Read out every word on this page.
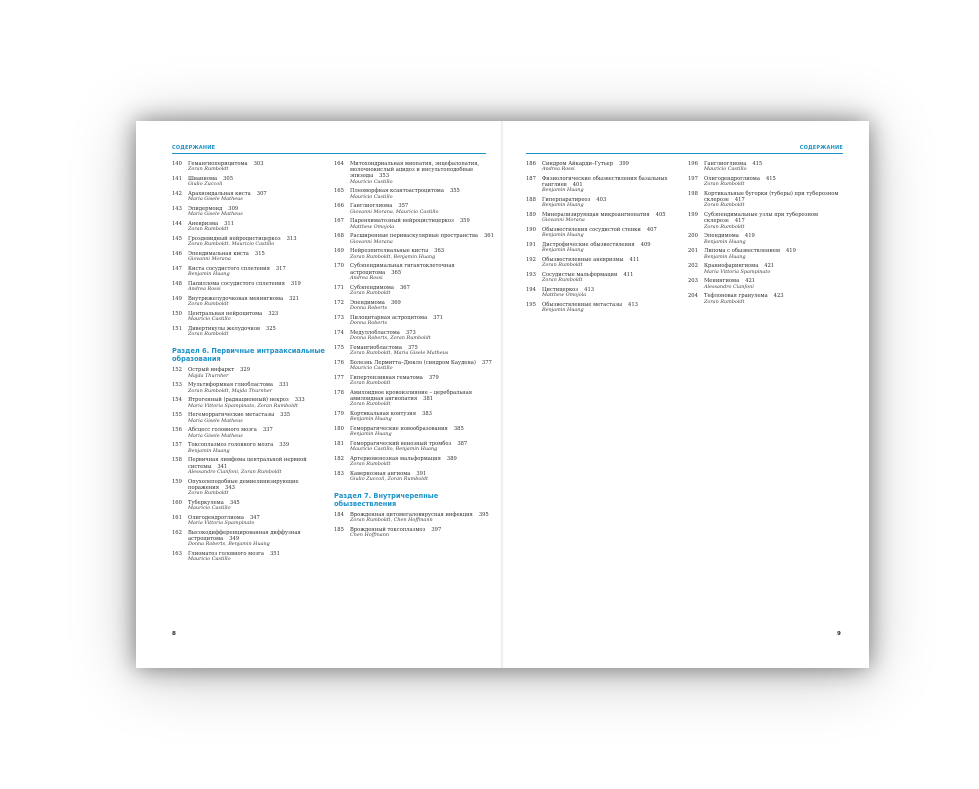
СОДЕРЖАНИЕ	СОДЕРЖАНИЕ
140 Гемангиоперицитома 303
Zoran Rumboldt
141 Шваннома 305
Giulio Zuccoli
142 Арахноидальная киста 307
Maria Gisele Matheus
143 Эпидермоид 309
Maria Gisele Matheus
144 Аневризма 311
Zoran Rumboldt
145 Гроздевидный нейроцистицеркоз 313
Zoran Rumboldt, Mauricio Castillo
146 Эпендимальная киста 315
Giovanni Morana
147 Киста сосудистого сплетения 317
Benjamin Huang
148 Папиллома сосудистого сплетения 319
Andrea Rossi
149 Внутрижелудочковая менингиома 321
Zoran Rumboldt
150 Центральная нейроцитома 323
Mauricio Castillo
151 Дивертикулы желудочков 325
Zoran Rumboldt
Раздел 6. Первичные интрааксиальные образования
152 Острый инфаркт 329
Majda Thurnher
153 Мультиформная глиобластома 331
Zoran Rumboldt, Majda Thurnher
154 Ятрогенный (радиационный) некроз 333
Maria Vittoria Spampinato, Zoran Rumboldt
155 Негеморрагические метастазы 335
Maria Gisele Matheus
156 Абсцесс головного мозга 337
Maria Gisele Matheus
157 Токсоплазмоз головного мозга 339
Benjamin Huang
158 Первичная лимфома центральной нервной системы 341
Alessandro Cianfoni, Zoran Rumboldt
159 Опухолеподобные демиелинизирующие поражения 343
Zoran Rumboldt
160 Туберкулема 345
Mauricio Castillo
161 Олигодендроглиома 347
Maria Vittoria Spampinato
162 Высокодифференцированная диффузная астроцитома 349
Donna Roberts, Benjamin Huang
163 Глиоматоз головного мозга 351
Mauricio Castillo
164 Митохондриальная миопатия, энцефалопатия, молочнокислый ацидоз и инсультоподобные эпизоды 353
Mauricio Castillo
165 Плеоморфная ксантоастроцитома 355
Mauricio Castillo
166 Ганглиоглиома 357
Giovanni Morana, Mauricio Castillo
167 Паренхиматозный нейроцистицеркоз 359
Matthew Omojola
168 Расширенные периваскулярные пространства 361
Giovanni Morana
169 Нейроэпителиальные кисты 363
Zoran Rumboldt, Benjamin Huang
170 Субэпендимальная гигантоклеточная астроцитома 365
Andrea Rossi
171 Субэпендимома 367
Zoran Rumboldt
172 Эпендимома 369
Donna Roberts
173 Пилоцитарная астроцитома 371
Donna Roberts
174 Медуллобластома 373
Donna Roberts, Zoran Rumboldt
175 Гемангиобластома 375
Zoran Rumboldt, Maria Gisele Matheus
176 Болезнь Лермитта–Дюкло (синдром Каудена) 377
Mauricio Castillo
177 Гипертензивная гематома 379
Zoran Rumboldt
178 Амилоидное кровоизлияние – церебральная амилоидная ангиопатия 381
Zoran Rumboldt
179 Кортикальная контузия 383
Benjamin Huang
180 Геморрагические новообразования 385
Benjamin Huang
181 Геморрагический венозный тромбоз 387
Mauricio Castillo, Benjamin Huang
182 Артериовенозная мальформация 389
Zoran Rumboldt
183 Каверноэная ангиома 391
Giulio Zuccoli, Zoran Rumboldt
Раздел 7. Внутричерепные обызвествления
184 Врожденная цитомегаловирусная инфекция 395
Zoran Rumboldt, Chen Hoffmann
185 Врожденный токсоплазмоз 397
Chen Hoffmann
186 Синдром Айкарди–Гутьер 399
Andrea Rossi
187 Физиологические обызвествления базальных ганглиев 401
Benjamin Huang
188 Гиперпаратиреоз 403
Benjamin Huang
189 Минерализирующая микроангиопатия 405
Giovanni Morana
190 Обызвествления сосудистой стенки 407
Benjamin Huang
191 Дистрофические обызвествления 409
Benjamin Huang
192 Обызвествленные аневризмы 411
Zoran Rumboldt
193 Сосудистые мальформации 411
Zoran Rumboldt
194 Цистицеркоз 413
Matthew Omojola
195 Обызвествленные метастазы 413
Benjamin Huang
196 Ганглиоглиома 415
Mauricio Castillo
197 Олигодендроглиома 415
Zoran Rumboldt
198 Кортикальные бугорки (туберы) при туберозном склерозе 417
Zoran Rumboldt
199 Субэпендимальные узлы при туберозном склерозе 417
Zoran Rumboldt
200 Эпендимома 419
Benjamin Huang
201 Липома с обызвествлением 419
Benjamin Huang
202 Краниофарингиома 421
Maria Vittoria Spampinato
203 Менингиома 421
Alessandro Cianfoni
204 Тефлоновая гранулема 423
Zoran Rumboldt
8	9
